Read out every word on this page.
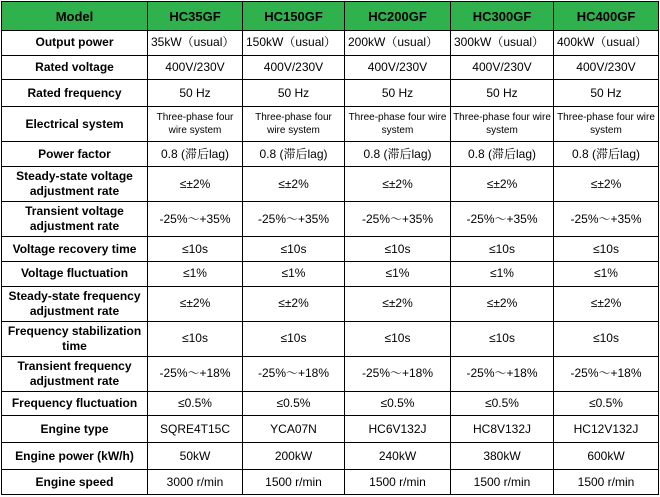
Model	HC35GF	HC150GF	HC200GF	HC300GF	HC400GF
Output power	35kW（usual）	150kW（usual）	200kW（usual）	300kW（usual）	400kW（usual）
Rated voltage	400V/230V	400V/230V	400V/230V	400V/230V	400V/230V
Rated frequency	50 Hz	50 Hz	50 Hz	50 Hz	50 Hz
Electrical system	Three-phase four wire system	Three-phase four wire system	Three-phase four wire system	Three-phase four wire system	Three-phase four wire system
Power factor	0.8 (滞后lag)	0.8 (滞后lag)	0.8 (滞后lag)	0.8 (滞后lag)	0.8 (滞后lag)
Steady-state voltage adjustment rate	≤±2%	≤±2%	≤±2%	≤±2%	≤±2%
Transient voltage adjustment rate	-25%～+35%	-25%～+35%	-25%～+35%	-25%～+35%	-25%～+35%
Voltage recovery time	≤10s	≤10s	≤10s	≤10s	≤10s
Voltage fluctuation	≤1%	≤1%	≤1%	≤1%	≤1%
Steady-state frequency adjustment rate	≤±2%	≤±2%	≤±2%	≤±2%	≤±2%
Frequency stabilization time	≤10s	≤10s	≤10s	≤10s	≤10s
Transient frequency adjustment rate	-25%～+18%	-25%～+18%	-25%～+18%	-25%～+18%	-25%～+18%
Frequency fluctuation	≤0.5%	≤0.5%	≤0.5%	≤0.5%	≤0.5%
Engine type	SQRE4T15C	YCA07N	HC6V132J	HC8V132J	HC12V132J
Engine power (kW/h)	50kW	200kW	240kW	380kW	600kW
Engine speed	3000 r/min	1500 r/min	1500 r/min	1500 r/min	1500 r/min
